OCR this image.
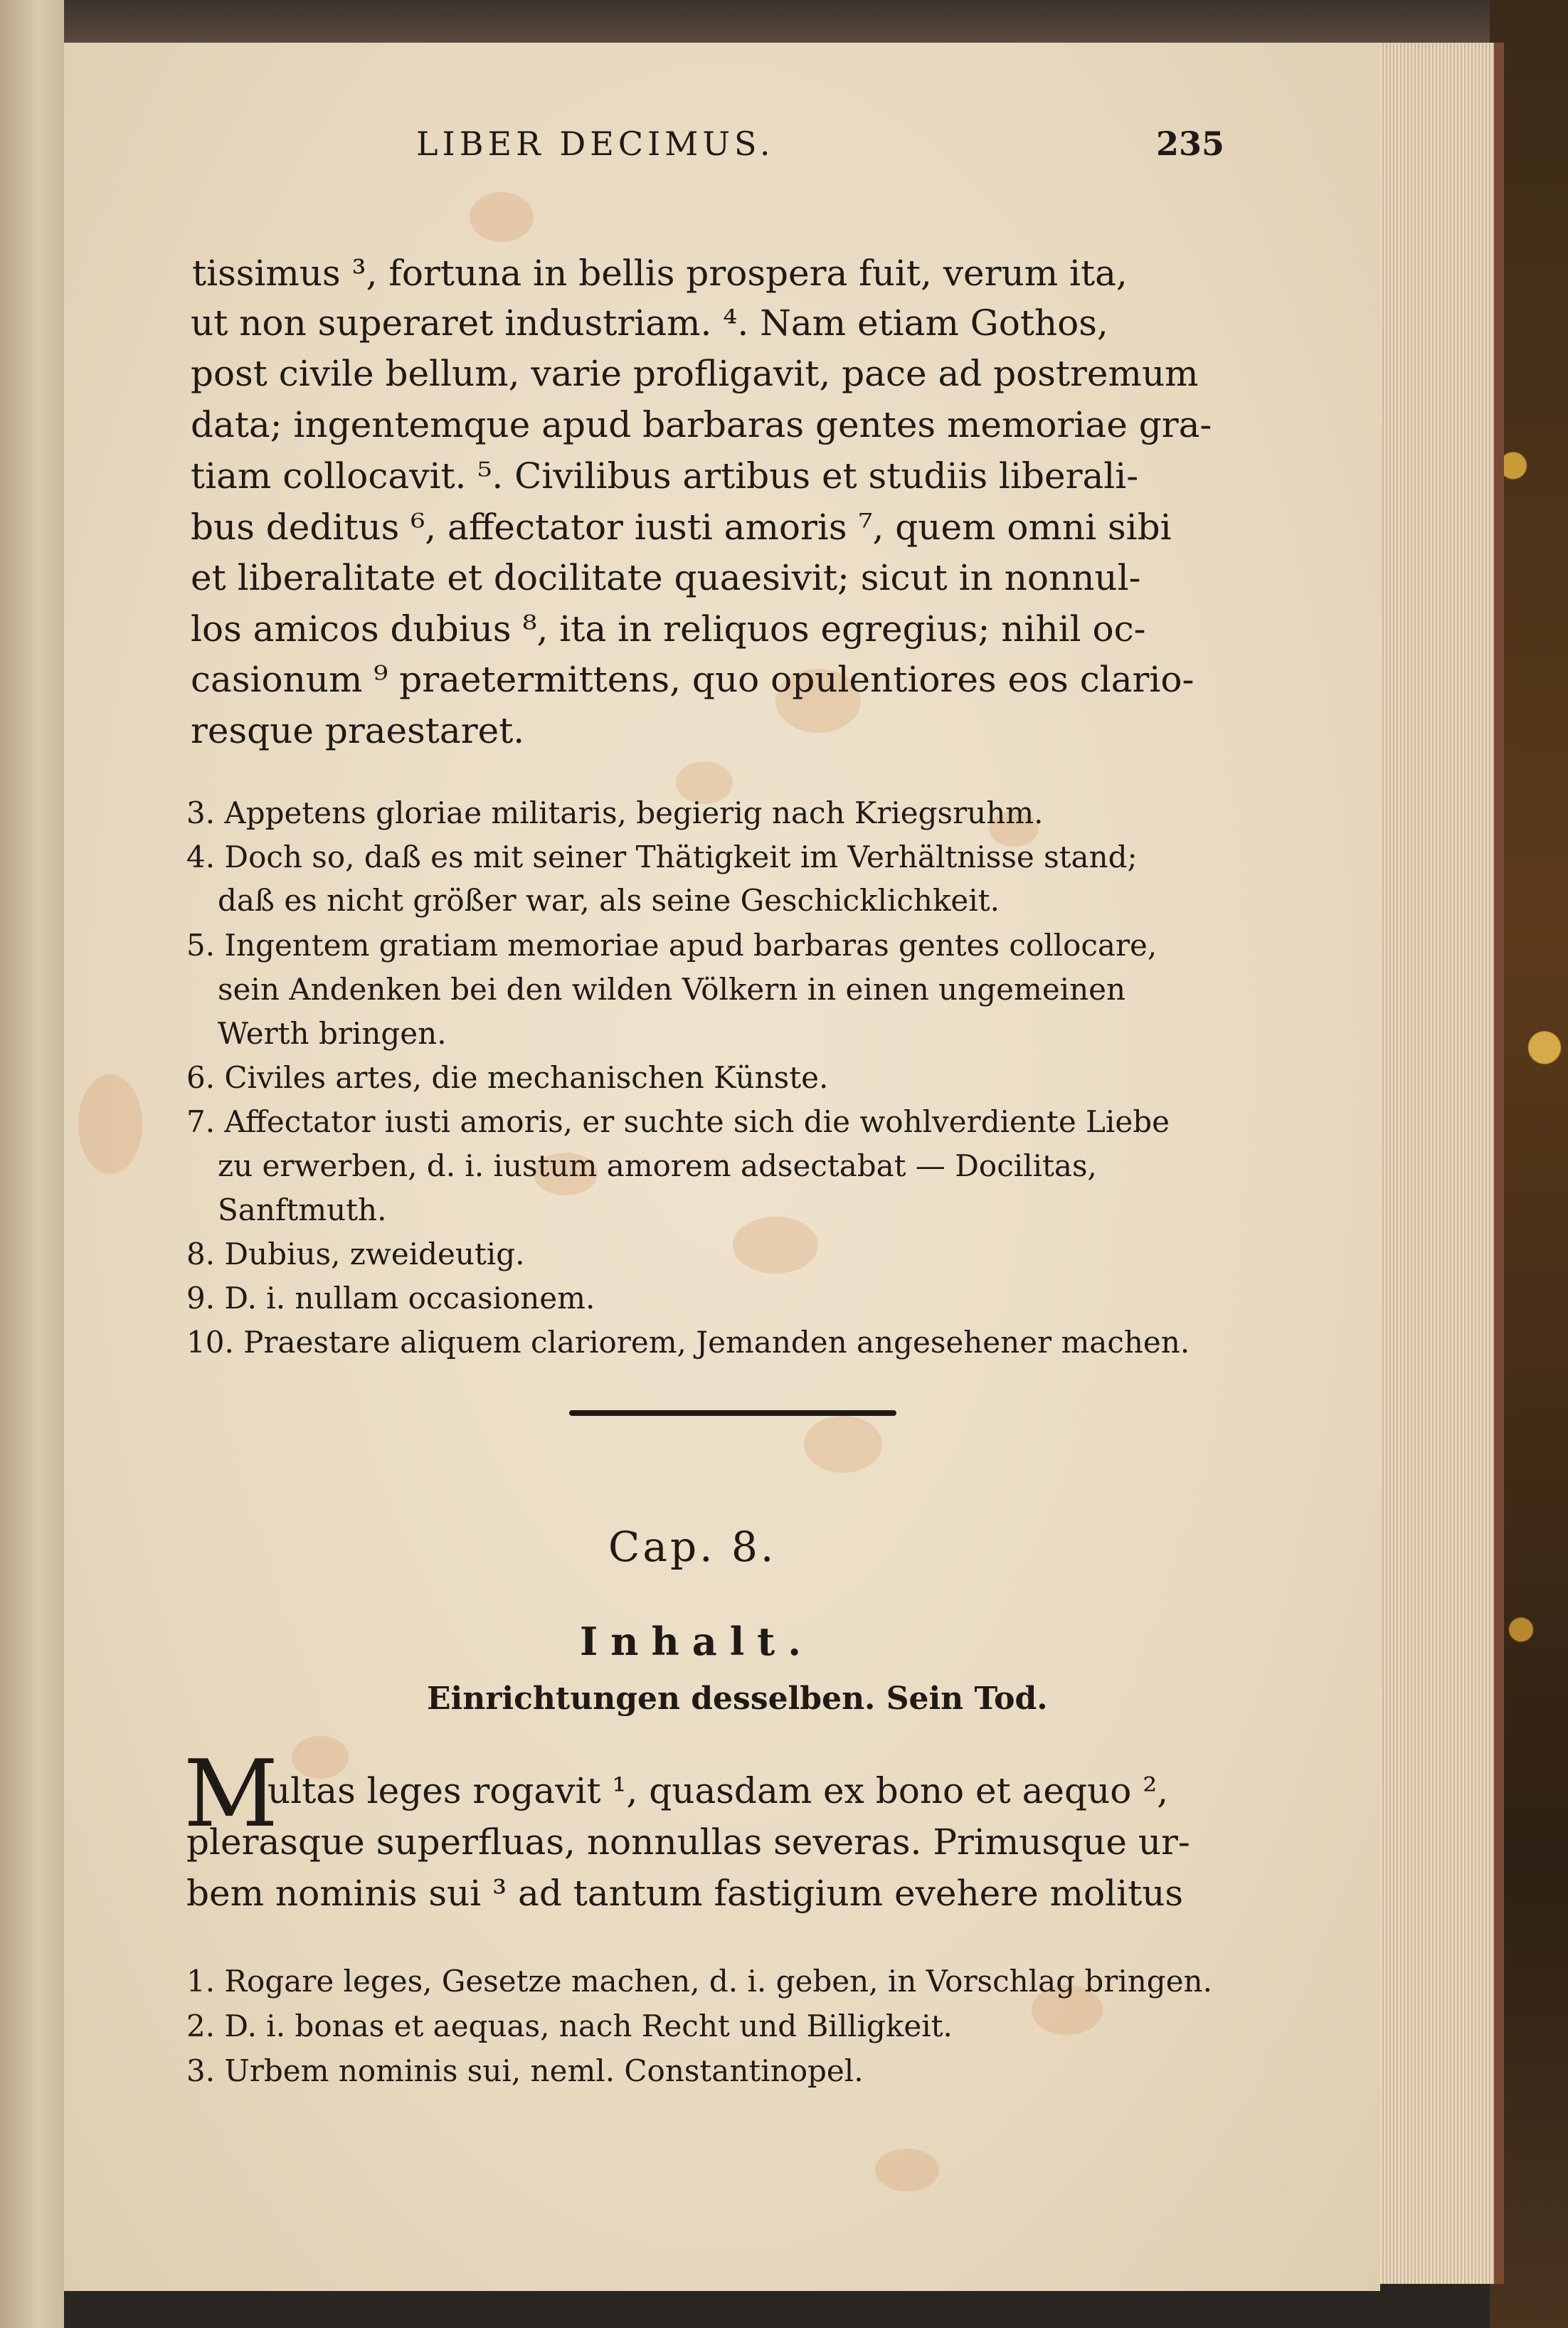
LIBER DECIMUS.	235
tissimus ³, fortuna in bellis prospera fuit, verum ita,
ut non superaret industriam. ⁴. Nam etiam Gothos,
post civile bellum, varie profligavit, pace ad postremum
data; ingentemque apud barbaras gentes memoriae gra-
tiam collocavit. ⁵. Civilibus artibus et studiis liberali-
bus deditus ⁶, affectator iusti amoris ⁷, quem omni sibi
et liberalitate et docilitate quaesivit; sicut in nonnul-
los amicos dubius ⁸, ita in reliquos egregius; nihil oc-
casionum ⁹ praetermittens, quo opulentiores eos clario-
resque praestaret.
3. Appetens gloriae militaris, begierig nach Kriegsruhm.
4. Doch so, daß es mit seiner Thätigkeit im Verhältnisse stand;
daß es nicht größer war, als seine Geschicklichkeit.
5. Ingentem gratiam memoriae apud barbaras gentes collocare,
sein Andenken bei den wilden Völkern in einen ungemeinen
Werth bringen.
6. Civiles artes, die mechanischen Künste.
7. Affectator iusti amoris, er suchte sich die wohlverdiente Liebe
zu erwerben, d. i. iustum amorem adsectabat — Docilitas,
Sanftmuth.
8. Dubius, zweideutig.
9. D. i. nullam occasionem.
10. Praestare aliquem clariorem, Jemanden angesehener machen.
Cap. 8.
Inhalt.
Einrichtungen desselben. Sein Tod.
M
ultas leges rogavit ¹, quasdam ex bono et aequo ²,
plerasque superfluas, nonnullas severas. Primusque ur-
bem nominis sui ³ ad tantum fastigium evehere molitus
1. Rogare leges, Gesetze machen, d. i. geben, in Vorschlag bringen.
2. D. i. bonas et aequas, nach Recht und Billigkeit.
3. Urbem nominis sui, neml. Constantinopel.
